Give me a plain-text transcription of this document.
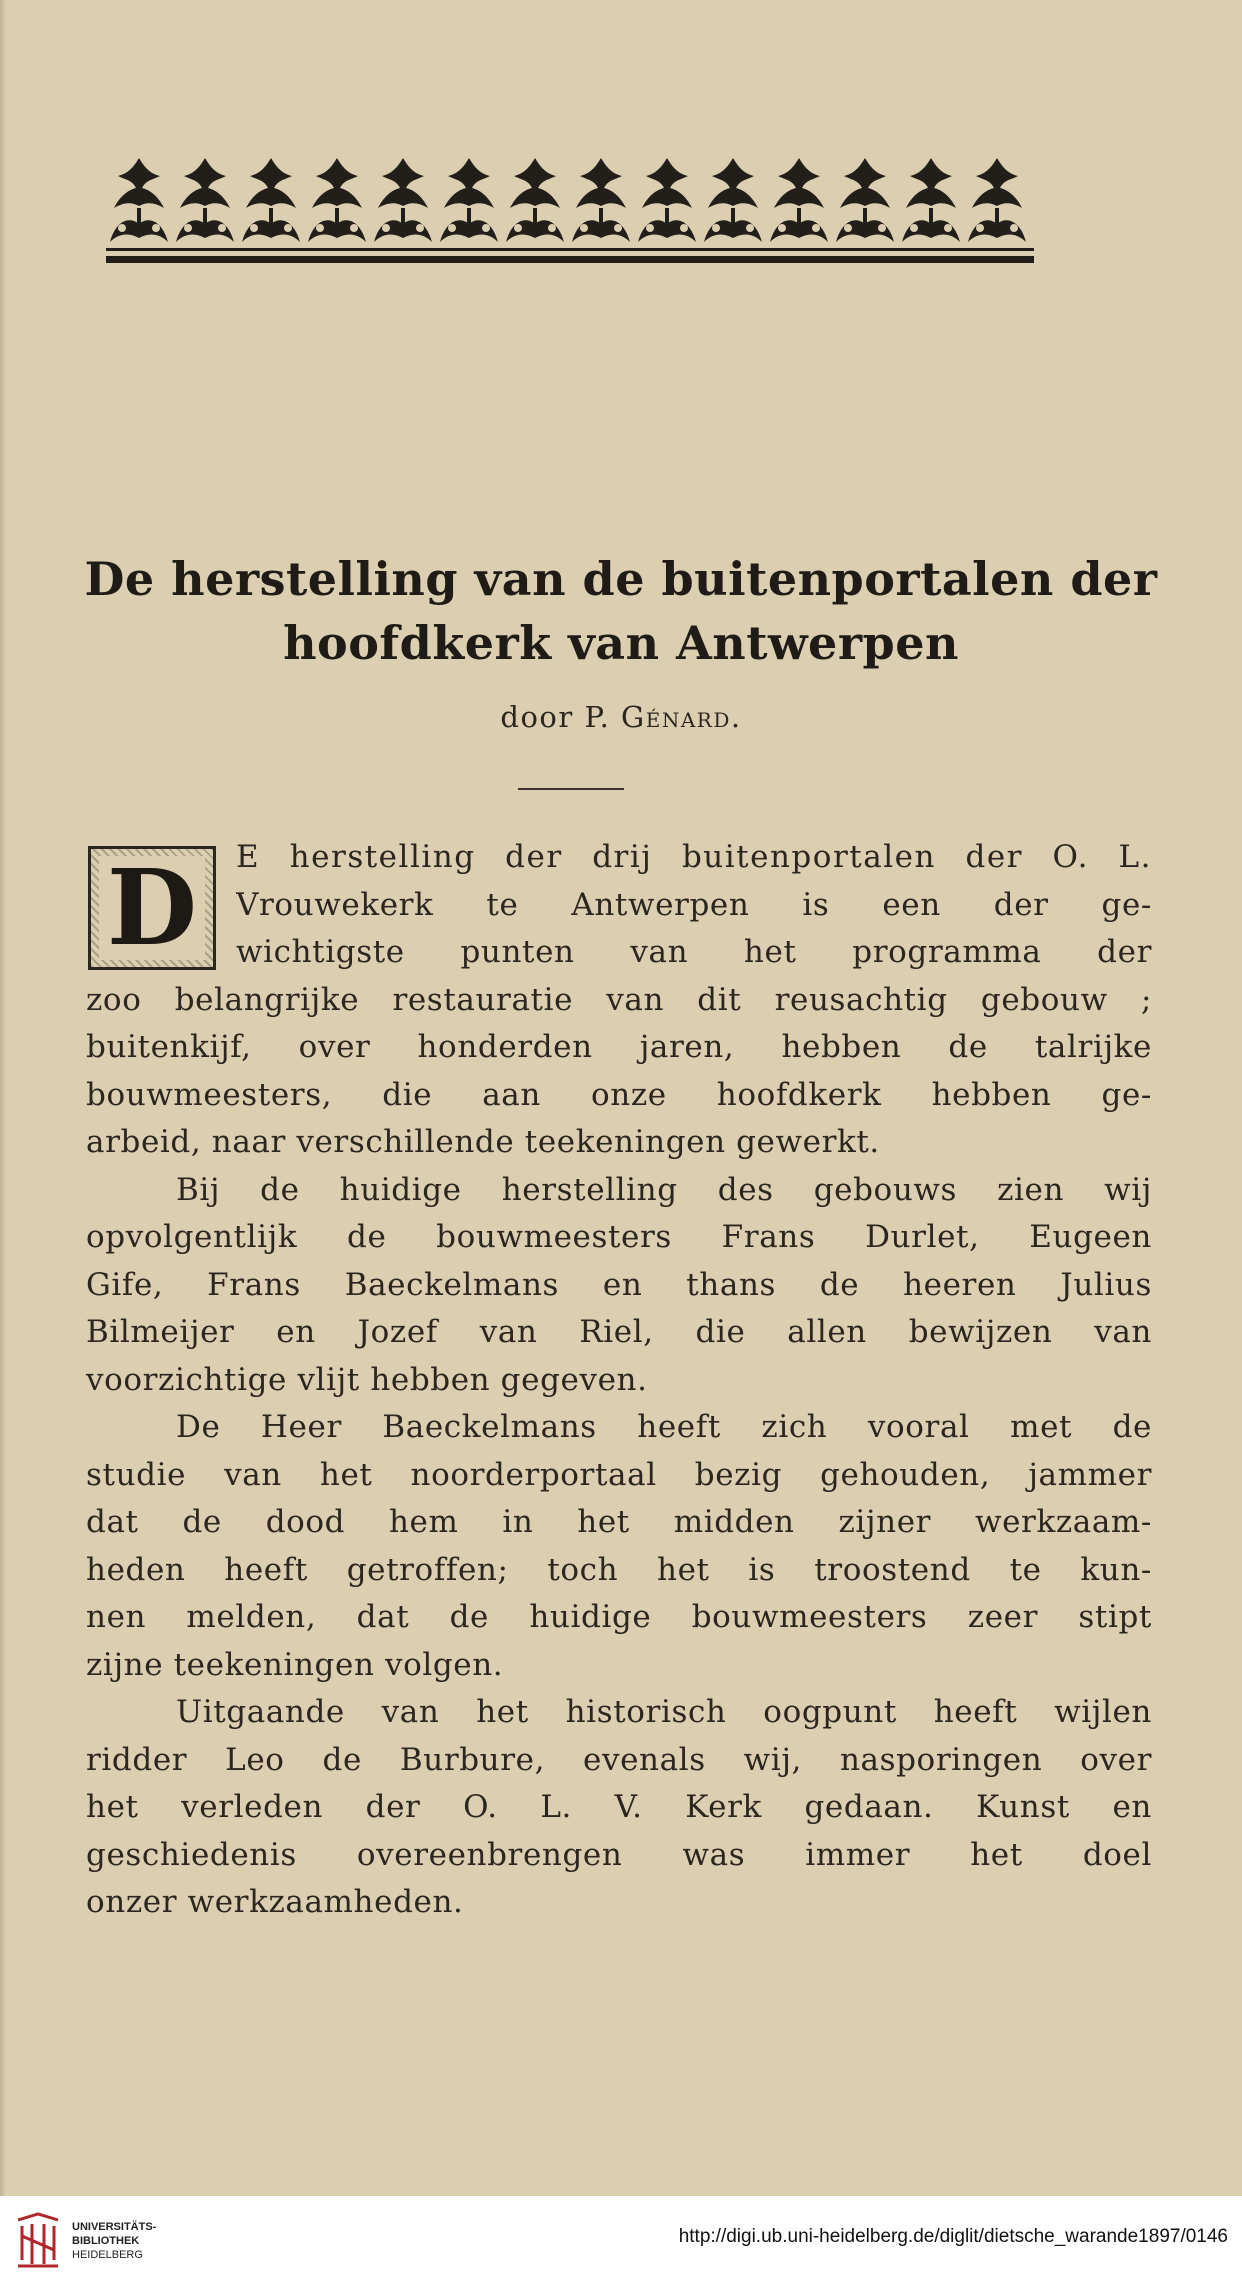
De herstelling van de buitenportalen der
hoofdkerk van Antwerpen
door P. Génard.
D E herstelling der drij buitenportalen der O. L.
Vrouwekerk te Antwerpen is een der ge-
wichtigste punten van het programma der
zoo belangrijke restauratie van dit reusachtig gebouw ;
buitenkijf, over honderden jaren, hebben de talrijke
bouwmeesters, die aan onze hoofdkerk hebben ge-
arbeid, naar verschillende teekeningen gewerkt.
Bij de huidige herstelling des gebouws zien wij
opvolgentlijk de bouwmeesters Frans Durlet, Eugeen
Gife, Frans Baeckelmans en thans de heeren Julius
Bilmeijer en Jozef van Riel, die allen bewijzen van
voorzichtige vlijt hebben gegeven.
De Heer Baeckelmans heeft zich vooral met de
studie van het noorderportaal bezig gehouden, jammer
dat de dood hem in het midden zijner werkzaam-
heden heeft getroffen; toch het is troostend te kun-
nen melden, dat de huidige bouwmeesters zeer stipt
zijne teekeningen volgen.
Uitgaande van het historisch oogpunt heeft wijlen
ridder Leo de Burbure, evenals wij, nasporingen over
het verleden der O. L. V. Kerk gedaan. Kunst en
geschiedenis overeenbrengen was immer het doel
onzer werkzaamheden.
UNIVERSITÄTS-
BIBLIOTHEK
HEIDELBERG
http://digi.ub.uni-heidelberg.de/diglit/dietsche_warande1897/0146
